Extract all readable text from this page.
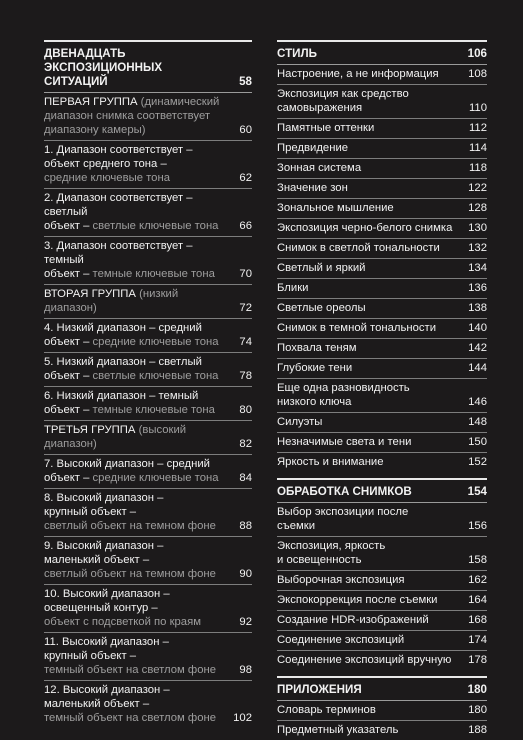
ДВЕНАДЦАТЬ
ЭКСПОЗИЦИОННЫХ СИТУАЦИЙ	58
ПЕРВАЯ ГРУППА (динамический
диапазон снимка соответствует
диапазону камеры)	60
1. Диапазон соответствует –
объект среднего тона –
средние ключевые тона	62
2. Диапазон соответствует – светлый
объект – светлые ключевые тона	66
3. Диапазон соответствует – темный
объект – темные ключевые тона	70
ВТОРАЯ ГРУППА (низкий диапазон)	72
4. Низкий диапазон – средний
объект – средние ключевые тона	74
5. Низкий диапазон – светлый
объект – светлые ключевые тона	78
6. Низкий диапазон – темный
объект – темные ключевые тона	80
ТРЕТЬЯ ГРУППА (высокий диапазон)	82
7. Высокий диапазон – средний
объект – средние ключевые тона	84
8. Высокий диапазон –
крупный объект –
светлый объект на темном фоне	88
9. Высокий диапазон –
маленький объект –
светлый объект на темном фоне	90
10. Высокий диапазон –
освещенный контур –
объект с подсветкой по краям	92
11. Высокий диапазон –
крупный объект –
темный объект на светлом фоне	98
12. Высокий диапазон –
маленький объект –
темный объект на светлом фоне	102
СТИЛЬ	106
Настроение, а не информация	108
Экспозиция как средство
самовыражения	110
Памятные оттенки	112
Предвидение	114
Зонная система	118
Значение зон	122
Зональное мышление	128
Экспозиция черно-белого снимка	130
Снимок в светлой тональности	132
Светлый и яркий	134
Блики	136
Светлые ореолы	138
Снимок в темной тональности	140
Похвала теням	142
Глубокие тени	144
Еще одна разновидность
низкого ключа	146
Силуэты	148
Незначимые света и тени	150
Яркость и внимание	152
ОБРАБОТКА СНИМКОВ	154
Выбор экспозиции после
съемки	156
Экспозиция, яркость
и освещенность	158
Выборочная экспозиция	162
Экспокоррекция после съемки	164
Создание HDR-изображений	168
Соединение экспозиций	174
Соединение экспозиций вручную	178
ПРИЛОЖЕНИЯ	180
Словарь терминов	180
Предметный указатель	188
